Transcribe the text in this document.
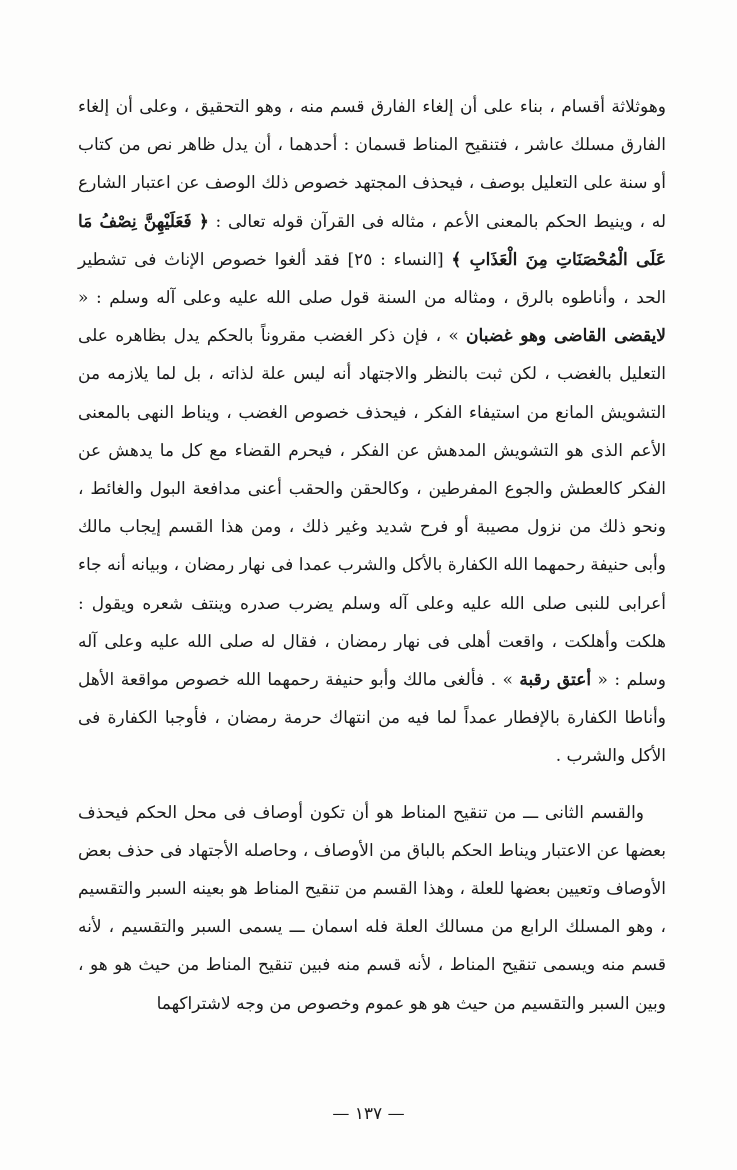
وهوثلاثة أقسام ، بناء على أن إلغاء الفارق قسم منه ، وهو التحقيق ، وعلى أن إلغاء الفارق مسلك عاشر ، فتنقيح المناط قسمان : أحدهما ، أن يدل ظاهر نص من كتاب أو سنة على التعليل بوصف ، فيحذف المجتهد خصوص ذلك الوصف عن اعتبار الشارع له ، وينيط الحكم بالمعنى الأعم ، مثاله فى القرآن قوله تعالى : ﴿ فَعَلَيْهِنَّ نِصْفُ مَا عَلَى الْمُحْصَنَاتِ مِنَ الْعَذَابِ ﴾ [النساء : ٢٥] فقد ألغوا خصوص الإناث فى تشطير الحد ، وأناطوه بالرق ، ومثاله من السنة قول صلى الله عليه وعلى آله وسلم : « لايقضى القاضى وهو غضبان » ، فإن ذكر الغضب مقروناً بالحكم يدل بظاهره على التعليل بالغضب ، لكن ثبت بالنظر والاجتهاد أنه ليس علة لذاته ، بل لما يلازمه من التشويش المانع من استيفاء الفكر ، فيحذف خصوص الغضب ، ويناط النهى بالمعنى الأعم الذى هو التشويش المدهش عن الفكر ، فيحرم القضاء مع كل ما يدهش عن الفكر كالعطش والجوع المفرطين ، وكالحقن والحقب أعنى مدافعة البول والغائط ، ونحو ذلك من نزول مصيبة أو فرح شديد وغير ذلك ، ومن هذا القسم إيجاب مالك وأبى حنيفة رحمهما الله الكفارة بالأكل والشرب عمدا فى نهار رمضان ، وبيانه أنه جاء أعرابى للنبى صلى الله عليه وعلى آله وسلم يضرب صدره وينتف شعره ويقول : هلكت وأهلكت ، واقعت أهلى فى نهار رمضان ، فقال له صلى الله عليه وعلى آله وسلم : « أعتق رقبة » . فألغى مالك وأبو حنيفة رحمهما الله خصوص مواقعة الأهل وأناطا الكفارة بالإفطار عمداً لما فيه من انتهاك حرمة رمضان ، فأوجبا الكفارة فى الأكل والشرب .

والقسم الثانى ـــ من تنقيح المناط هو أن تكون أوصاف فى محل الحكم فيحذف بعضها عن الاعتبار ويناط الحكم بالباق من الأوصاف ، وحاصله الأجتهاد فى حذف بعض الأوصاف وتعيين بعضها للعلة ، وهذا القسم من تنقيح المناط هو بعينه السبر والتقسيم ، وهو المسلك الرابع من مسالك العلة فله اسمان ـــ يسمى السبر والتقسيم ، لأنه قسم منه ويسمى تنقيح المناط ، لأنه قسم منه فبين تنقيح المناط من حيث هو هو ، وبين السبر والتقسيم من حيث هو هو عموم وخصوص من وجه لاشتراكهما

— ١٣٧ —
